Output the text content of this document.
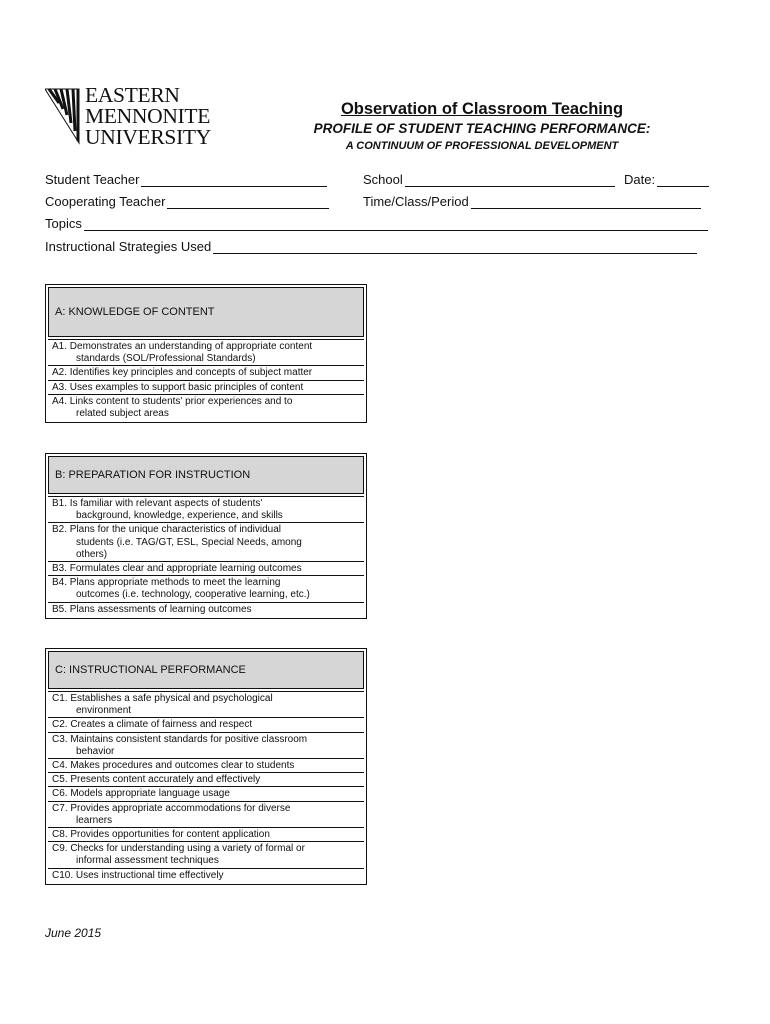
EASTERN
MENNONITE
UNIVERSITY
Observation of Classroom Teaching
PROFILE OF STUDENT TEACHING PERFORMANCE:
A CONTINUUM OF PROFESSIONAL DEVELOPMENT
Student Teacher	School	Date:
Cooperating Teacher	Time/Class/Period
Topics
Instructional Strategies Used
A: KNOWLEDGE OF CONTENT
A1. Demonstrates an understanding of appropriate content
standards (SOL/Professional Standards)
A2. Identifies key principles and concepts of subject matter
A3. Uses examples to support basic principles of content
A4. Links content to students' prior experiences and to
related subject areas
B: PREPARATION FOR INSTRUCTION
B1. Is familiar with relevant aspects of students'
background, knowledge, experience, and skills
B2. Plans for the unique characteristics of individual
students (i.e. TAG/GT, ESL, Special Needs, among
others)
B3. Formulates clear and appropriate learning outcomes
B4. Plans appropriate methods to meet the learning
outcomes (i.e. technology, cooperative learning, etc.)
B5. Plans assessments of learning outcomes
C: INSTRUCTIONAL PERFORMANCE
C1. Establishes a safe physical and psychological
environment
C2. Creates a climate of fairness and respect
C3. Maintains consistent standards for positive classroom
behavior
C4. Makes procedures and outcomes clear to students
C5. Presents content accurately and effectively
C6. Models appropriate language usage
C7. Provides appropriate accommodations for diverse
learners
C8. Provides opportunities for content application
C9. Checks for understanding using a variety of formal or
informal assessment techniques
C10. Uses instructional time effectively
June 2015
